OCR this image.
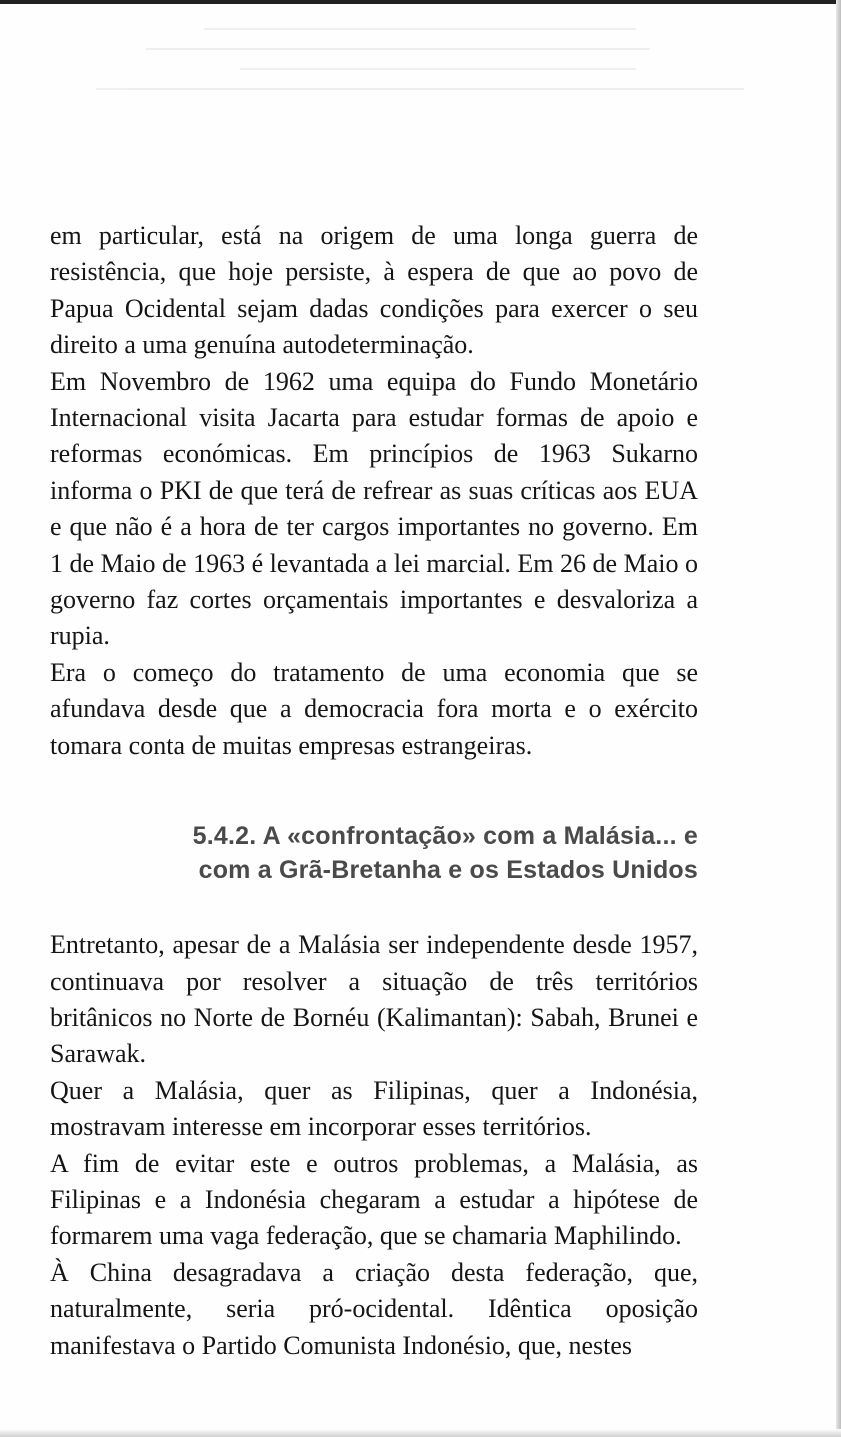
em particular, está na origem de uma longa guerra de resistência, que hoje persiste, à espera de que ao povo de Papua Ocidental sejam dadas condições para exercer o seu direito a uma genuína autodeterminação.

Em Novembro de 1962 uma equipa do Fundo Monetário Internacional visita Jacarta para estudar formas de apoio e reformas económicas. Em princípios de 1963 Sukarno informa o PKI de que terá de refrear as suas críticas aos EUA e que não é a hora de ter cargos importantes no governo. Em 1 de Maio de 1963 é levantada a lei marcial. Em 26 de Maio o governo faz cortes orçamentais importantes e desvaloriza a rupia.

Era o começo do tratamento de uma economia que se afundava desde que a democracia fora morta e o exército tomara conta de muitas empresas estrangeiras.

5.4.2. A «confrontação» com a Malásia... e
com a Grã-Bretanha e os Estados Unidos

Entretanto, apesar de a Malásia ser independente desde 1957, continuava por resolver a situação de três territórios britânicos no Norte de Bornéu (Kalimantan): Sabah, Brunei e Sarawak.

Quer a Malásia, quer as Filipinas, quer a Indonésia, mostravam interesse em incorporar esses territórios.

A fim de evitar este e outros problemas, a Malásia, as Filipinas e a Indonésia chegaram a estudar a hipótese de formarem uma vaga federação, que se chamaria Maphilindo.

À China desagradava a criação desta federação, que, naturalmente, seria pró-ocidental. Idêntica oposição manifestava o Partido Comunista Indonésio, que, nestes
